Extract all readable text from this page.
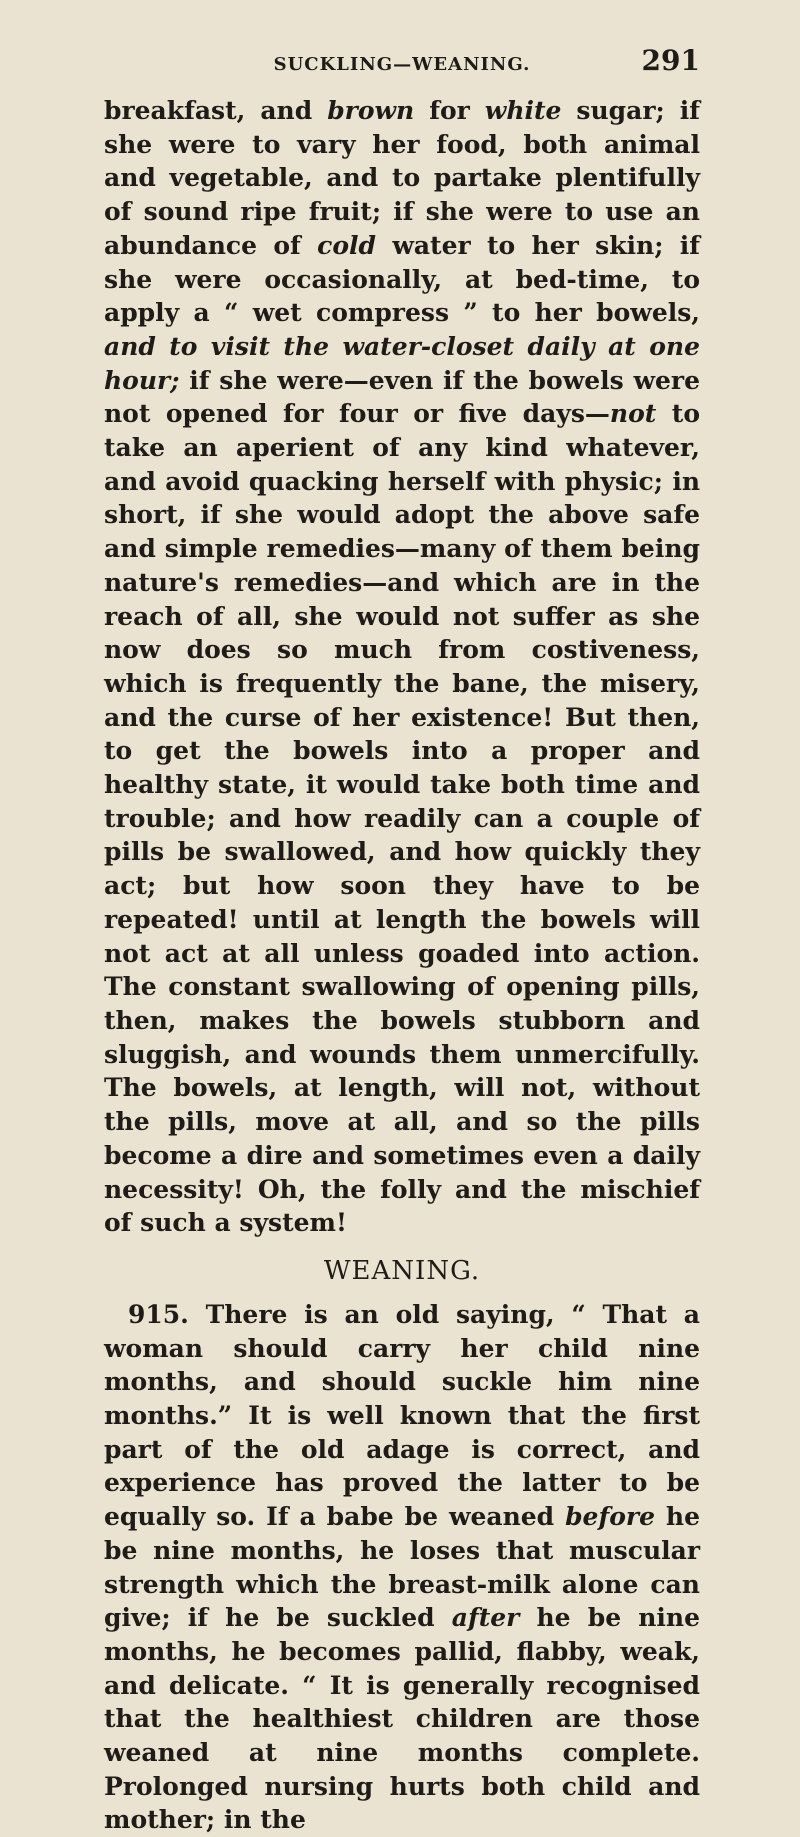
SUCKLING—WEANING.	291

breakfast, and brown for white sugar; if she were to vary her food, both animal and vegetable, and to partake plentifully of sound ripe fruit; if she were to use an abundance of cold water to her skin; if she were occasionally, at bed-time, to apply a “ wet compress ” to her bowels, and to visit the water-closet daily at one hour; if she were—even if the bowels were not opened for four or five days—not to take an aperient of any kind whatever, and avoid quacking herself with physic; in short, if she would adopt the above safe and simple remedies—many of them being nature's remedies—and which are in the reach of all, she would not suffer as she now does so much from costiveness, which is frequently the bane, the misery, and the curse of her existence! But then, to get the bowels into a proper and healthy state, it would take both time and trouble; and how readily can a couple of pills be swallowed, and how quickly they act; but how soon they have to be repeated! until at length the bowels will not act at all unless goaded into action. The constant swallowing of opening pills, then, makes the bowels stubborn and sluggish, and wounds them unmercifully. The bowels, at length, will not, without the pills, move at all, and so the pills become a dire and sometimes even a daily necessity! Oh, the folly and the mischief of such a system!

WEANING.

915. There is an old saying, “ That a woman should carry her child nine months, and should suckle him nine months.” It is well known that the first part of the old adage is correct, and experience has proved the latter to be equally so. If a babe be weaned before he be nine months, he loses that muscular strength which the breast-milk alone can give; if he be suckled after he be nine months, he becomes pallid, flabby, weak, and delicate. “ It is generally recognised that the healthiest children are those weaned at nine months complete. Prolonged nursing hurts both child and mother; in the
